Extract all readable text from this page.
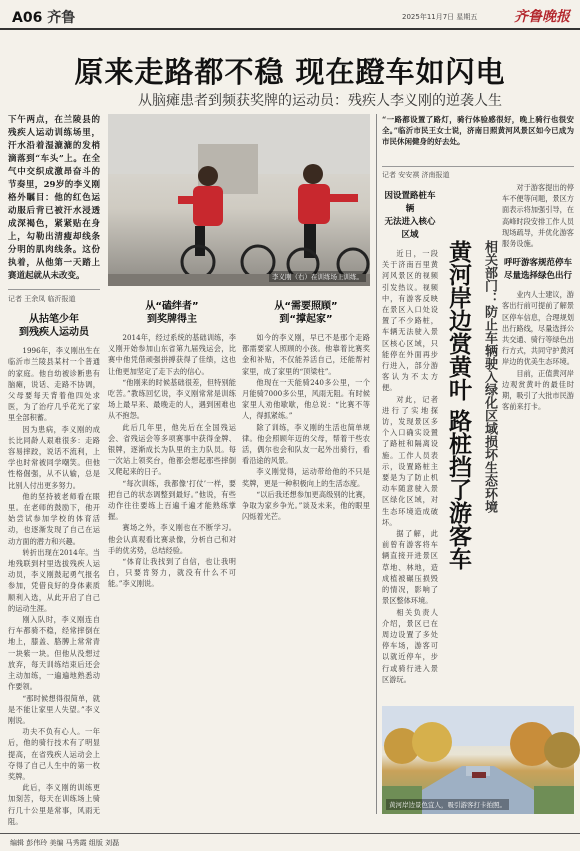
A06 齐鲁	2025年11月7日 星期五	齐鲁晚报
原来走路都不稳 现在蹬车如闪电
从脑瘫患者到频获奖牌的运动员：残疾人李义刚的逆袭人生
下午两点，在兰陵县的残疾人运动训练场里，汗水沿着湿漉漉的发梢滴落到“车头”上。在全气中交织成激昂奋斗的节奏里，29岁的李义刚格外瞩目：他的红色运动服后背已被汗水浸透成深褐色，紧紧贴在身上，勾勒出清瘦却线条分明的肌肉线条。这份执着，从他第一天踏上赛道起就从未改变。
记者 王余凤 临沂报道
从拈笔少年
到残疾人运动员

1996年，李义刚出生在临沂市兰陵县某村一个普通的家庭。他自幼被诊断患有脑瘫，说话、走路不协调，父母要每天背着他四处求医，为了治疗几乎花光了家里全部积蓄。

因为患病，李义刚的成长比同龄人艰难很多：走路容易摔跤，说话不流利，上学也时常被同学嘲笑。但他性格倔强，从不认输，总是比别人付出更多努力。

他的坚持被老师看在眼里。在老师的鼓励下，他开始尝试参加学校的体育活动，也逐渐发现了自己在运动方面的潜力和兴趣。

转折出现在2014年。当地残联到村里选拔残疾人运动员，李义刚鼓起勇气报名参加，凭借良好的身体素质顺利入选，从此开启了自己的运动生涯。

刚入队时，李义刚连自行车都骑不稳，经常摔倒在地上，膝盖、胳膊上常常青一块紫一块。但他从没想过放弃，每天训练结束后还会主动加练，一遍遍地熟悉动作要领。

“那时候想得很简单，就是不能让家里人失望。”李义刚说。

功夫不负有心人。一年后，他的骑行技术有了明显提高，在省残疾人运动会上夺得了自己人生中的第一枚奖牌。

此后，李义刚的训练更加刻苦，每天在训练场上骑行几十公里是常事，风雨无阻。

李义刚（右）在训练场上训练。
从“磕绊者”
到奖牌得主

2014年，经过系统的基础训练，李义刚开始参加山东省第九届残运会，比赛中他凭借顽强拼搏获得了佳绩，这也让他更加坚定了走下去的信心。

“他刚来的时候基础很差，但特别能吃苦。”教练回忆说，李义刚常常是训练场上最早来、最晚走的人，遇到困难也从不抱怨。

此后几年里，他先后在全国残运会、省残运会等多项赛事中获得金牌、银牌，逐渐成长为队里的主力队员。每一次站上领奖台，他都会想起那些摔倒又爬起来的日子。

“每次训练，我都像‘打仗’一样，要把自己的状态调整到最好。”他说，有些动作往往要练上百遍千遍才能熟练掌握。

赛场之外，李义刚也在不断学习。他会认真观看比赛录像，分析自己和对手的优劣势，总结经验。

“体育让我找到了自信，也让我明白，只要肯努力，就没有什么不可能。”李义刚说。

从“需要照顾”
到“撑起家”

如今的李义刚，早已不是那个走路都需要家人照顾的小孩。他靠着比赛奖金和补贴，不仅能养活自己，还能帮衬家里，成了家里的“顶梁柱”。

他现在一天能骑240多公里，一个月能骑7000多公里，风雨无阻。有时候家里人劝他歇歇，他总说：“比赛不等人，得抓紧练。”

除了训练，李义刚的生活也简单规律。他会照顾年迈的父母，帮着干些农活，偶尔也会和队友一起外出骑行，看看沿途的风景。

李义刚觉得，运动带给他的不只是奖牌，更是一种积极向上的生活态度。

“以后我还想参加更高级别的比赛，争取为家乡争光。”谈及未来，他的眼里闪烁着光芒。

“一路都设置了路灯，骑行体验感很好，晚上骑行也很安全。”临沂市民王女士说，济南日照黄河风景区如今已成为市民休闲健身的好去处。
记者 安安祺 济南报道
因设置路桩车辆
无法进入核心区域

近日，一段关于济南百里黄河风景区的视频引发热议。视频中，有游客反映在景区入口处设置了不少路桩，车辆无法驶入景区核心区域，只能停在外面再步行进入，部分游客认为不太方便。

对此，记者进行了实地探访，发现景区多个入口确实设置了路桩和隔离设施。工作人员表示，设置路桩主要是为了防止机动车随意驶入景区绿化区域，对生态环境造成破坏。

据了解，此前曾有游客将车辆直接开进景区草地、林地，造成植被碾压损毁的情况，影响了景区整体环境。

相关负责人介绍，景区已在周边设置了多处停车场，游客可以就近停车，步行或骑行进入景区游玩。

黄河岸边赏黄叶 路桩挡了游客车 相关部门：防止车辆驶入绿化区域损坏生态环境

对于游客提出的停车不便等问题，景区方面表示将加强引导，在高峰时段安排工作人员现场疏导，并优化游客服务设施。

呼吁游客规范停车
尽量选择绿色出行

业内人士建议，游客出行前可提前了解景区停车信息，合理规划出行路线，尽量选择公共交通、骑行等绿色出行方式，共同守护黄河岸边的优美生态环境。

目前，正值黄河岸边观赏黄叶的最佳时期，吸引了大批市民游客前来打卡。

黄河岸边景色宜人，吸引游客打卡拍照。
编辑 彭伟玲 美编 马秀霞 组版 刘磊
